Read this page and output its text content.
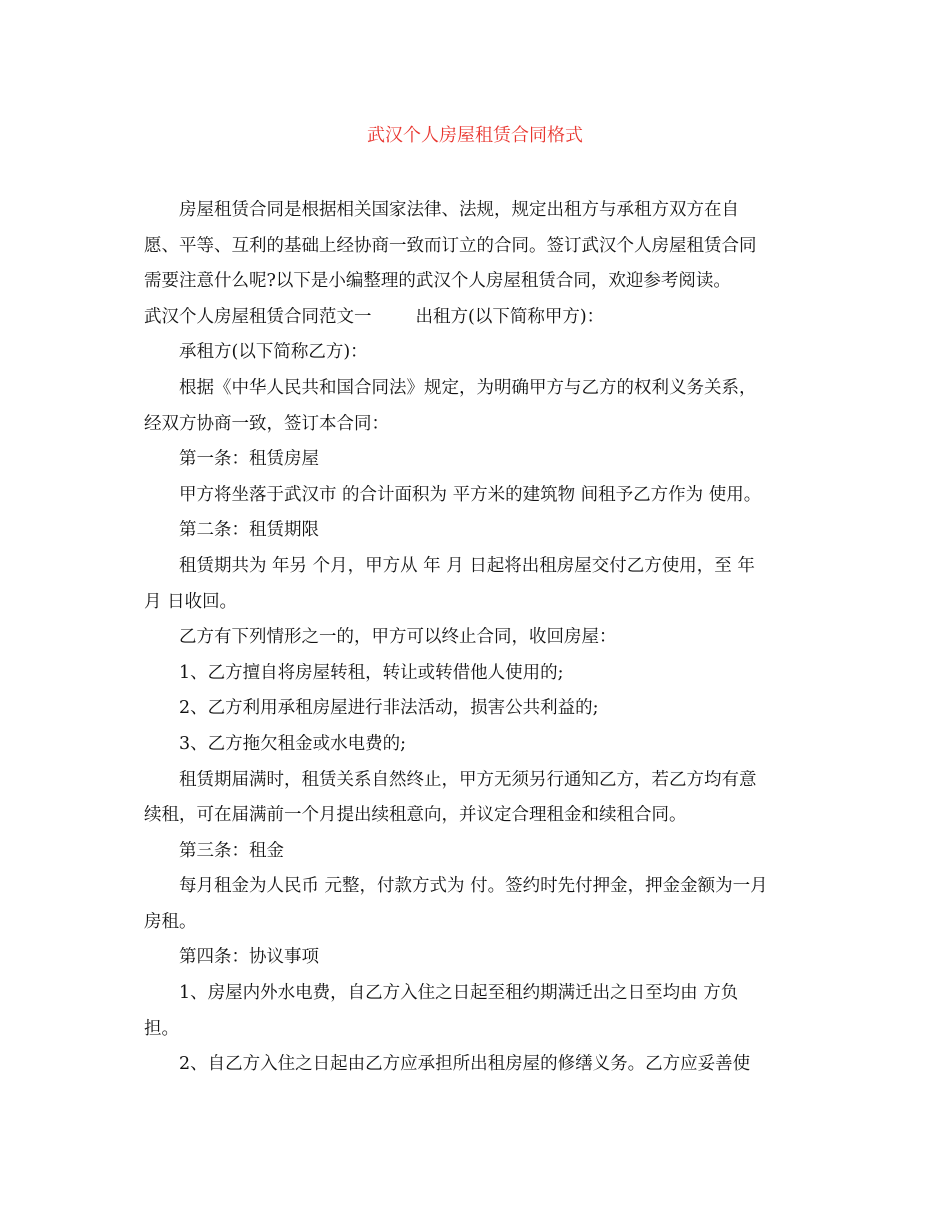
武汉个人房屋租赁合同格式
房屋租赁合同是根据相关国家法律、法规，规定出租方与承租方双方在自
愿、平等、互利的基础上经协商一致而订立的合同。签订武汉个人房屋租赁合同
需要注意什么呢?以下是小编整理的武汉个人房屋租赁合同，欢迎参考阅读。
武汉个人房屋租赁合同范文一	出租方(以下简称甲方)：
承租方(以下简称乙方)：
根据《中华人民共和国合同法》规定，为明确甲方与乙方的权利义务关系，
经双方协商一致，签订本合同：
第一条：租赁房屋
甲方将坐落于武汉市 的合计面积为 平方米的建筑物 间租予乙方作为 使用。
第二条：租赁期限
租赁期共为 年另 个月，甲方从 年 月 日起将出租房屋交付乙方使用，至 年
月 日收回。
乙方有下列情形之一的，甲方可以终止合同，收回房屋：
1、乙方擅自将房屋转租，转让或转借他人使用的;
2、乙方利用承租房屋进行非法活动，损害公共利益的;
3、乙方拖欠租金或水电费的;
租赁期届满时，租赁关系自然终止，甲方无须另行通知乙方，若乙方均有意
续租，可在届满前一个月提出续租意向，并议定合理租金和续租合同。
第三条：租金
每月租金为人民币 元整，付款方式为 付。签约时先付押金，押金金额为一月
房租。
第四条：协议事项
1、房屋内外水电费，自乙方入住之日起至租约期满迁出之日至均由 方负
担。
2、自乙方入住之日起由乙方应承担所出租房屋的修缮义务。乙方应妥善使
